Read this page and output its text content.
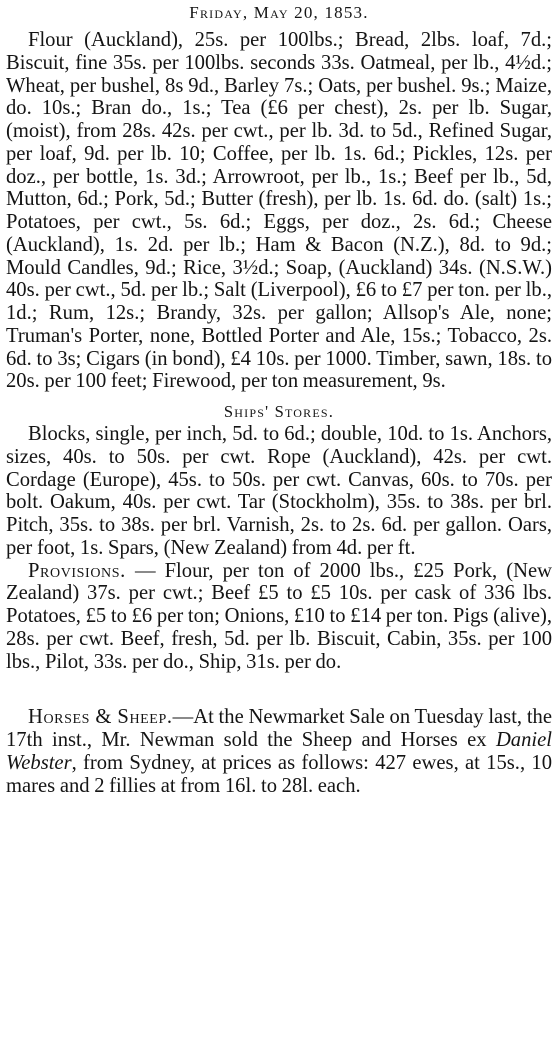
Friday, May 20, 1853.

Flour (Auckland), 25s. per 100lbs.; Bread, 2lbs. loaf, 7d.; Biscuit, fine 35s. per 100lbs. seconds 33s. Oatmeal, per lb., 4½d.; Wheat, per bushel, 8s 9d., Barley 7s.; Oats, per bushel. 9s.; Maize, do. 10s.; Bran do., 1s.; Tea (£6 per chest), 2s. per lb. Sugar, (moist), from 28s. 42s. per cwt., per lb. 3d. to 5d., Refined Sugar, per loaf, 9d. per lb. 10; Coffee, per lb. 1s. 6d.; Pickles, 12s. per doz., per bottle, 1s. 3d.; Arrowroot, per lb., 1s.; Beef per lb., 5d, Mutton, 6d.; Pork, 5d.; Butter (fresh), per lb. 1s. 6d. do. (salt) 1s.; Potatoes, per cwt., 5s. 6d.; Eggs, per doz., 2s. 6d.; Cheese (Auckland), 1s. 2d. per lb.; Ham & Bacon (N.Z.), 8d. to 9d.; Mould Candles, 9d.; Rice, 3½d.; Soap, (Auckland) 34s. (N.S.W.) 40s. per cwt., 5d. per lb.; Salt (Liverpool), £6 to £7 per ton. per lb., 1d.; Rum, 12s.; Brandy, 32s. per gallon; Allsop's Ale, none; Truman's Porter, none, Bottled Porter and Ale, 15s.; Tobacco, 2s. 6d. to 3s; Cigars (in bond), £4 10s. per 1000. Timber, sawn, 18s. to 20s. per 100 feet; Firewood, per ton measurement, 9s.

Ships' Stores.

Blocks, single, per inch, 5d. to 6d.; double, 10d. to 1s. Anchors, sizes, 40s. to 50s. per cwt. Rope (Auckland), 42s. per cwt. Cordage (Europe), 45s. to 50s. per cwt. Canvas, 60s. to 70s. per bolt. Oakum, 40s. per cwt. Tar (Stockholm), 35s. to 38s. per brl. Pitch, 35s. to 38s. per brl. Varnish, 2s. to 2s. 6d. per gallon. Oars, per foot, 1s. Spars, (New Zealand) from 4d. per ft.

Provisions. — Flour, per ton of 2000 lbs., £25 Pork, (New Zealand) 37s. per cwt.; Beef £5 to £5 10s. per cask of 336 lbs. Potatoes, £5 to £6 per ton; Onions, £10 to £14 per ton. Pigs (alive), 28s. per cwt. Beef, fresh, 5d. per lb. Biscuit, Cabin, 35s. per 100 lbs., Pilot, 33s. per do., Ship, 31s. per do.

Horses & Sheep.—At the Newmarket Sale on Tuesday last, the 17th inst., Mr. Newman sold the Sheep and Horses ex Daniel Webster, from Sydney, at prices as follows: 427 ewes, at 15s., 10 mares and 2 fillies at from 16l. to 28l. each.
